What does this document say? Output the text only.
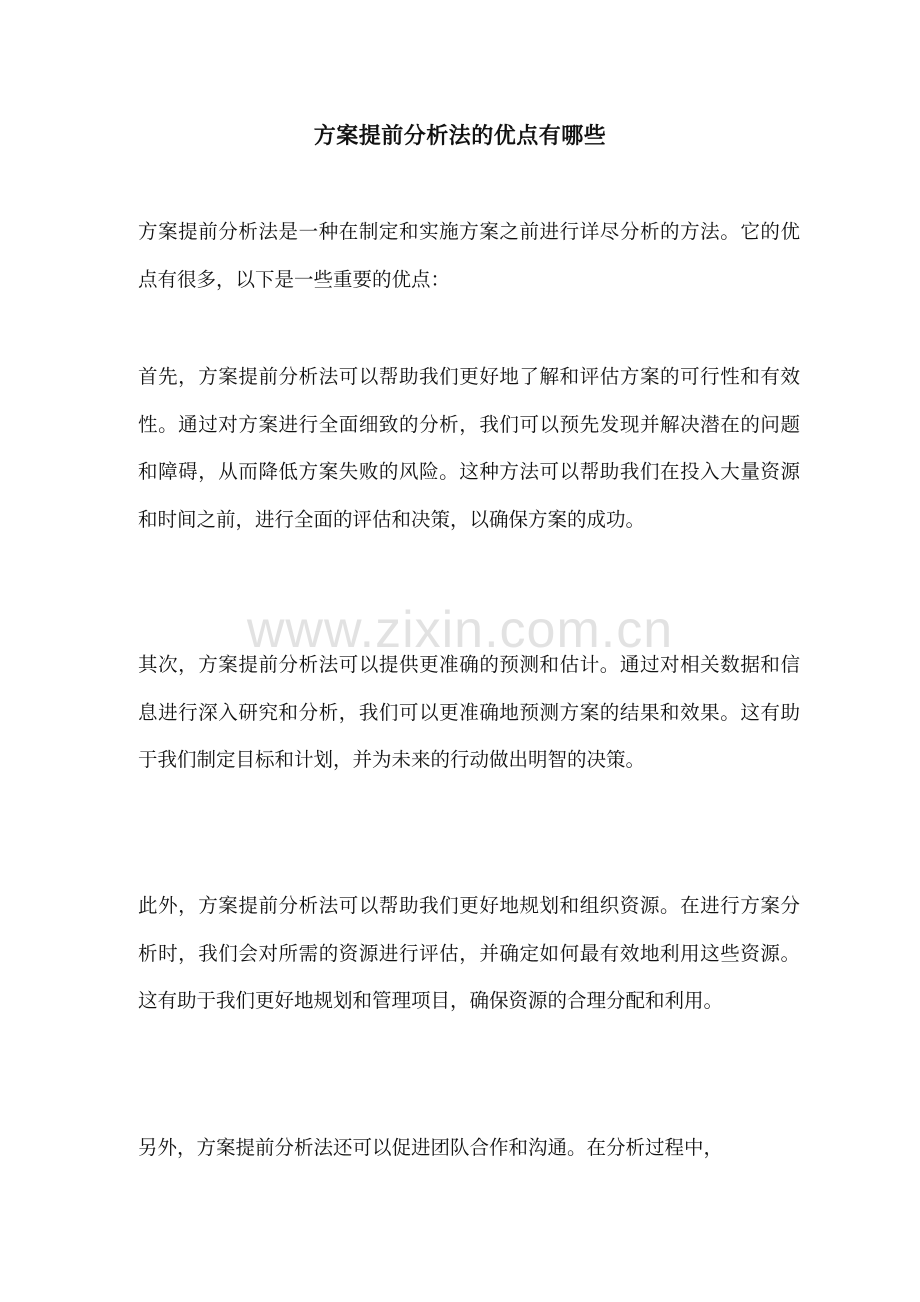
方案提前分析法的优点有哪些

方案提前分析法是一种在制定和实施方案之前进行详尽分析的方法。它的优点有很多，以下是一些重要的优点：

首先，方案提前分析法可以帮助我们更好地了解和评估方案的可行性和有效性。通过对方案进行全面细致的分析，我们可以预先发现并解决潜在的问题和障碍，从而降低方案失败的风险。这种方法可以帮助我们在投入大量资源和时间之前，进行全面的评估和决策，以确保方案的成功。

其次，方案提前分析法可以提供更准确的预测和估计。通过对相关数据和信息进行深入研究和分析，我们可以更准确地预测方案的结果和效果。这有助于我们制定目标和计划，并为未来的行动做出明智的决策。

此外，方案提前分析法可以帮助我们更好地规划和组织资源。在进行方案分析时，我们会对所需的资源进行评估，并确定如何最有效地利用这些资源。这有助于我们更好地规划和管理项目，确保资源的合理分配和利用。

另外，方案提前分析法还可以促进团队合作和沟通。在分析过程中，

www.zixin.com.cn
